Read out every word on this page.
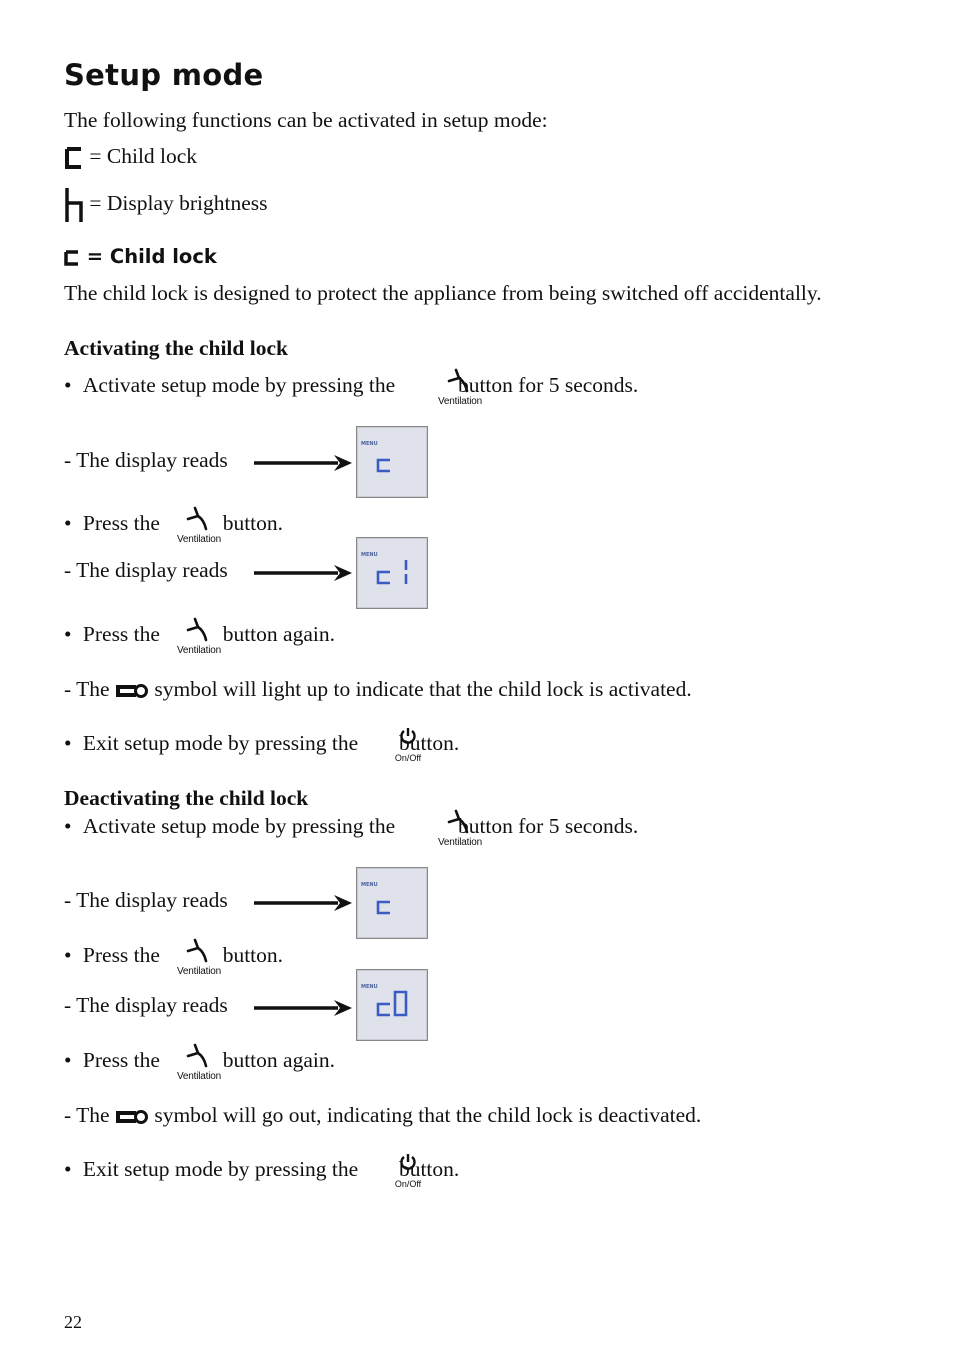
Setup mode
The following functions can be activated in setup mode:
= Child lock
= Display brightness
= Child lock
The child lock is designed to protect the appliance from being switched off accidentally.
Activating the child lock
• Activate setup mode by pressing the	button for 5 seconds.
Ventilation
- The display reads
MENU
• Press the	button.
Ventilation
- The display reads
MENU
• Press the	button again.
Ventilation
- The symbol will light up to indicate that the child lock is activated.
• Exit setup mode by pressing the button.
On/Off
Deactivating the child lock
• Activate setup mode by pressing the	button for 5 seconds.
Ventilation
- The display reads
MENU
• Press the	button.
Ventilation
- The display reads
MENU
• Press the	button again.
Ventilation
- The symbol will go out, indicating that the child lock is deactivated.
• Exit setup mode by pressing the button.
On/Off
22
